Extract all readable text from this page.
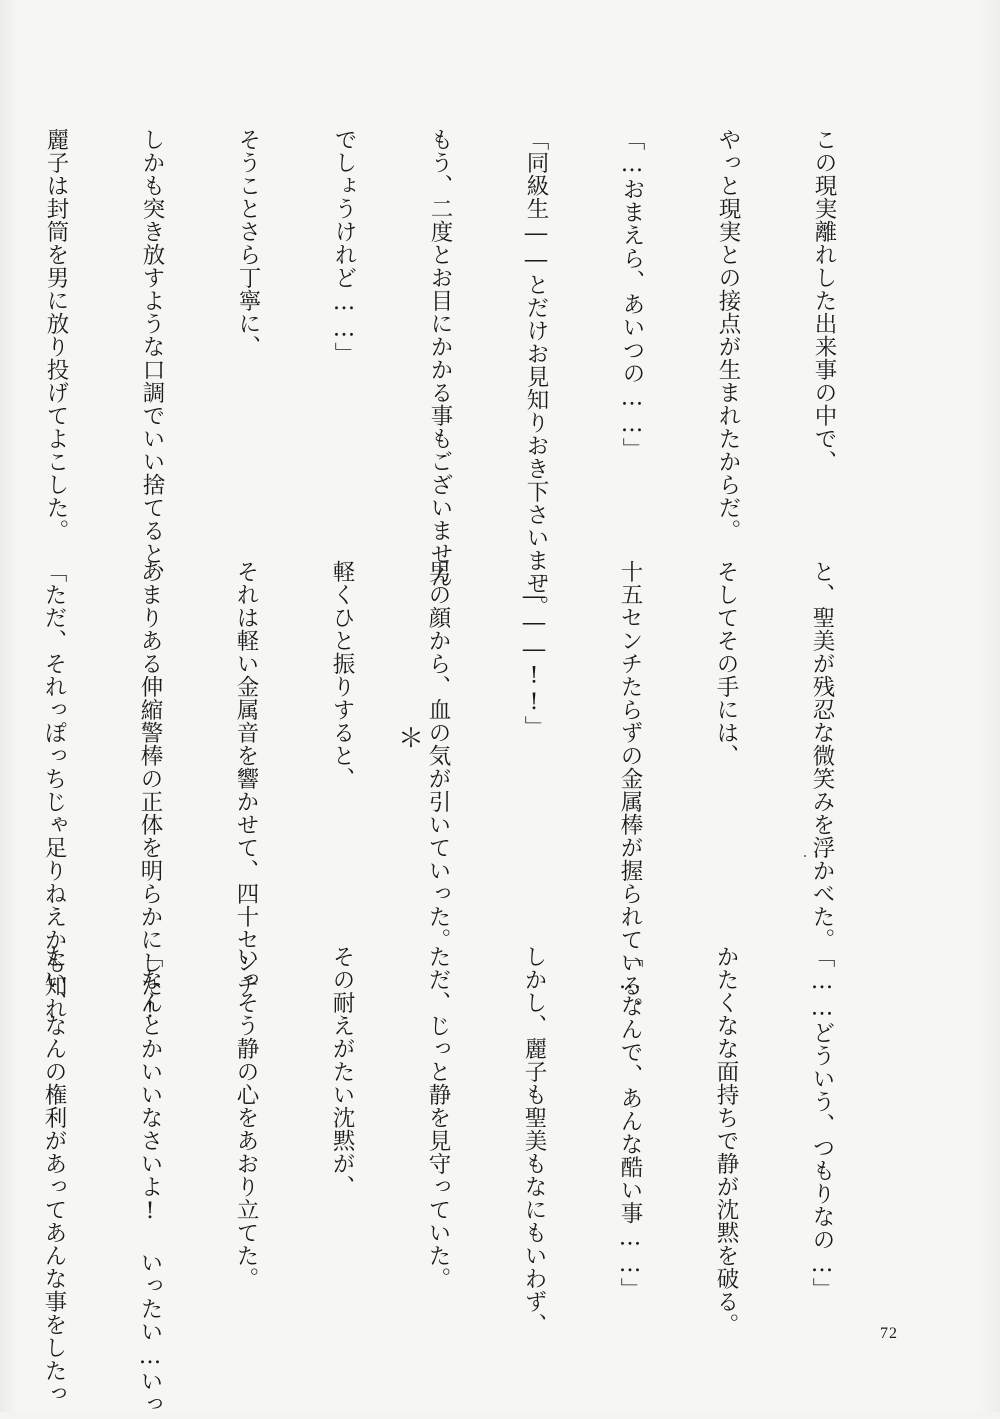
この現実離れした出来事の中で、

やっと現実との接点が生まれたからだ。

「…おまえら、あいつの……」

「同級生――とだけお見知りおき下さいませ。

もう、二度とお目にかかる事もございません

でしょうけれど……」

そうことさら丁寧に、

しかも突き放すような口調でいい捨てると、

麗子は封筒を男に放り投げてよこした。

と、聖美が残忍な微笑みを浮かべた。

そしてその手には、

十五センチたらずの金属棒が握られている。

「―――!!」

男の顔から、血の気が引いていった。

軽くひと振りすると、

それは軽い金属音を響かせて、四十センチ

あまりある伸縮警棒の正体を明らかにした!

「ただ、それっぽっちじゃ足りねえかも知れ

	＊

「……どういう、つもりなの…」

かたくなな面持ちで静が沈黙を破る。

「…なんで、あんな酷い事……」

しかし、麗子も聖美もなにもいわず、

ただ、じっと静を見守っていた。

その耐えがたい沈黙が、

いっそう静の心をあおり立てた。

「なんとかいいなさいよ! いったい…いっ

たい、なんの権利があってあんな事をしたっ

	72
